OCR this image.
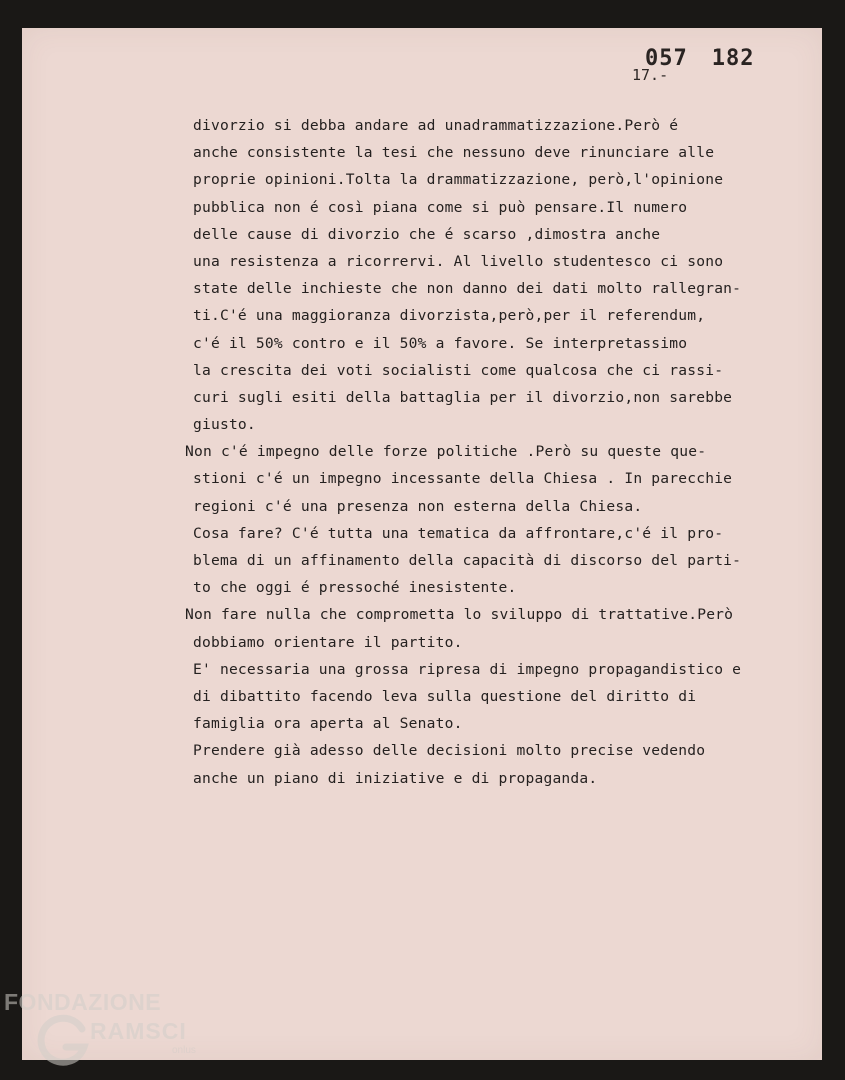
057 182
17.-
divorzio si debba andare ad unadrammatizzazione.Però é
anche consistente la tesi che nessuno deve rinunciare alle
proprie opinioni.Tolta la drammatizzazione, però,l'opinione
pubblica non é così piana come si può pensare.Il numero
delle cause di divorzio che é scarso ,dimostra anche
una resistenza a ricorrervi. Al livello studentesco ci sono
state delle inchieste che non danno dei dati molto rallegran-
ti.C'é una maggioranza divorzista,però,per il referendum,
c'é il 50% contro e il 50% a favore. Se interpretassimo
la crescita dei voti socialisti come qualcosa che ci rassi-
curi sugli esiti della battaglia per il divorzio,non sarebbe
giusto.
Non c'é impegno delle forze politiche .Però su queste que-
stioni c'é un impegno incessante della Chiesa . In parecchie
regioni c'é una presenza non esterna della Chiesa.
Cosa fare? C'é tutta una tematica da affrontare,c'é il pro-
blema di un affinamento della capacità di discorso del parti-
to che oggi é pressoché inesistente.
Non fare nulla che comprometta lo sviluppo di trattative.Però
dobbiamo orientare il partito.
E' necessaria una grossa ripresa di impegno propagandistico e
di dibattito facendo leva sulla questione del diritto di
famiglia ora aperta al Senato.
Prendere già adesso delle decisioni molto precise vedendo
anche un piano di iniziative e di propaganda.
FONDAZIONE
RAMSCI
onlus
